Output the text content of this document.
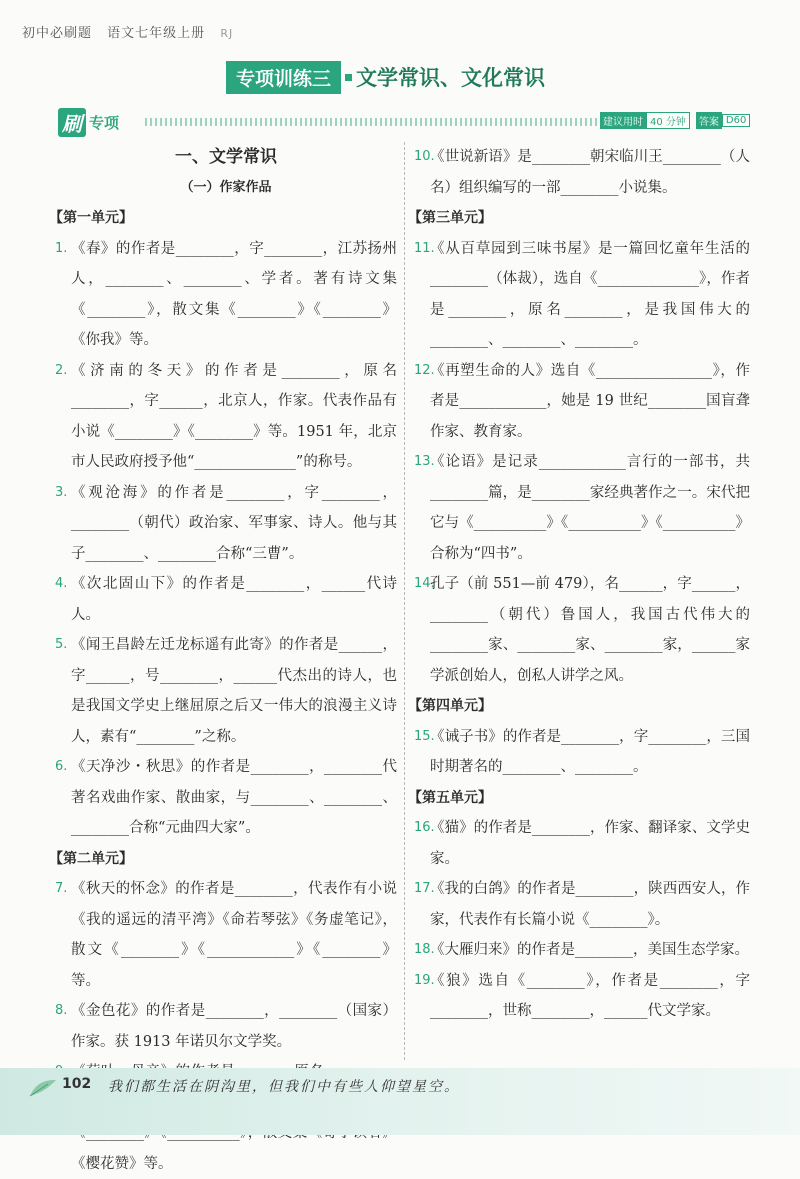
初中必刷题 语文七年级上册 RJ
专项训练三	文学常识、文化常识
刷 专项	建议用时 40 分钟	答案 D60
一、文学常识
（一）作家作品
【第一单元】
1. 《春》的作者是________，字________，江苏扬州人，________、________、学者。著有诗文集《________》，散文集《________》《________》《你我》等。
2. 《济南的冬天》的作者是________，原名________，字______，北京人，作家。代表作品有小说《________》《________》等。1951 年，北京市人民政府授予他“______________”的称号。
3. 《观沧海》的作者是________，字________，________（朝代）政治家、军事家、诗人。他与其子________、________合称“三曹”。
4. 《次北固山下》的作者是________，______代诗人。
5. 《闻王昌龄左迁龙标遥有此寄》的作者是______，字______，号________，______代杰出的诗人，也是我国文学史上继屈原之后又一伟大的浪漫主义诗人，素有“________”之称。
6. 《天净沙・秋思》的作者是________，________代著名戏曲作家、散曲家，与________、________、________合称“元曲四大家”。
【第二单元】
7. 《秋天的怀念》的作者是________，代表作有小说《我的遥远的清平湾》《命若琴弦》《务虚笔记》，散文《________》《____________》《________》等。
8. 《金色花》的作者是________，________（国家）作家。获 1913 年诺贝尔文学奖。
《樱花赞》等。
10.
《世说新语》是________朝宋临川王________（人名）组织编写的一部________小说集。
【第三单元】
11.
《从百草园到三味书屋》是一篇回忆童年生活的________（体裁），选自《______________》，作者是________，原名________，是我国伟大的________、________、________。
12.
《再塑生命的人》选自《________________》，作者是____________，她是 19 世纪________国盲聋作家、教育家。
13.
《论语》是记录____________言行的一部书，共________篇，是________家经典著作之一。宋代把它与《__________》《__________》《__________》合称为“四书”。
14.
孔子（前 551—前 479），名______，字______，________（朝代）鲁国人，我国古代伟大的________家、________家、________家，______家学派创始人，创私人讲学之风。
【第四单元】
15.
《诫子书》的作者是________，字________，三国时期著名的________、________。
【第五单元】
16.
《猫》的作者是________，作家、翻译家、文学史家。
17.
《我的白鸽》的作者是________，陕西西安人，作家，代表作有长篇小说《________》。
18.
《大雁归来》的作者是________，美国生态学家。
19.
《狼》选自《________》，作者是________，字________，世称________，______代文学家。
102 我们都生活在阴沟里，但我们中有些人仰望星空。
